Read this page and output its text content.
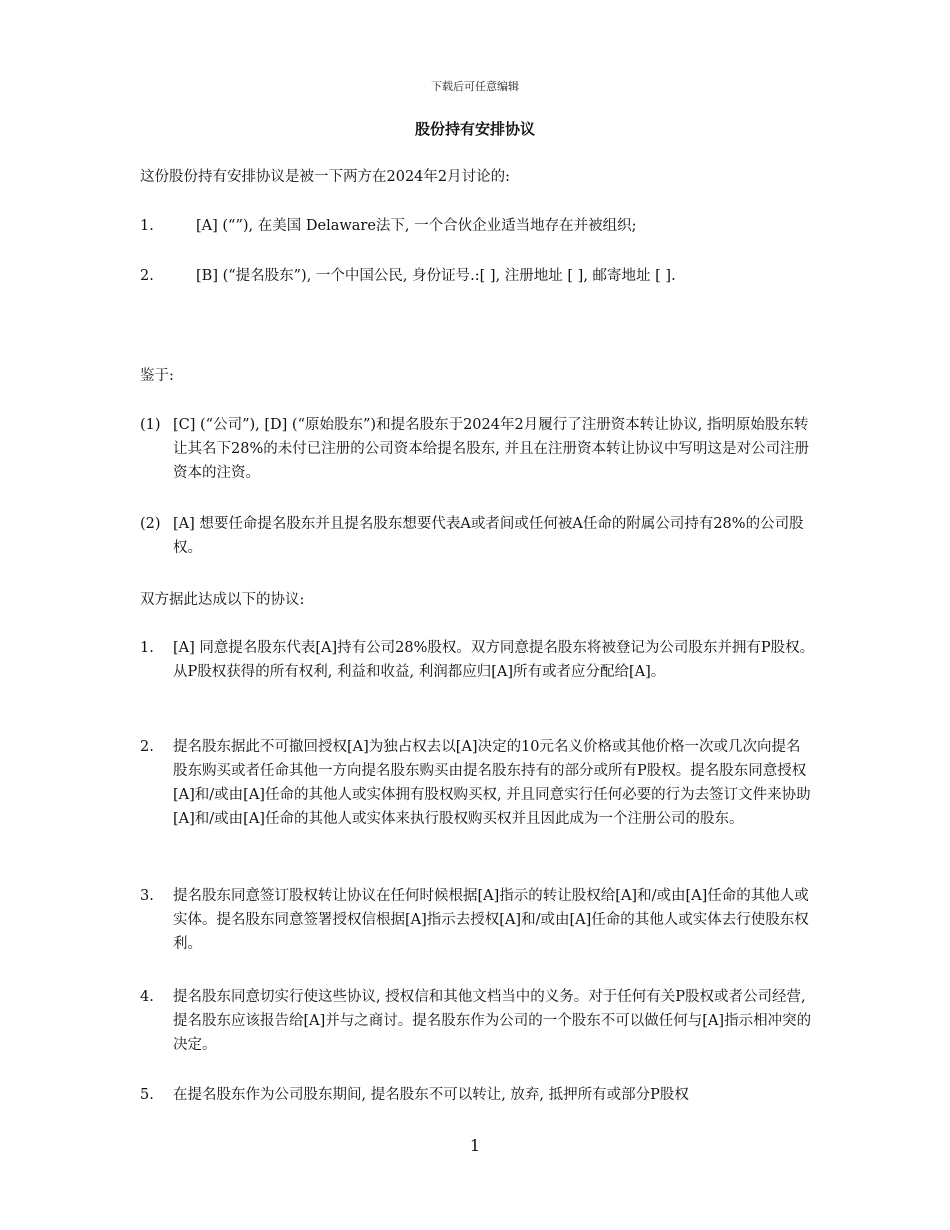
下载后可任意编辑
股份持有安排协议
这份股份持有安排协议是被一下两方在2024年2月讨论的:
1.	[A] (“”), 在美国 Delaware法下, 一个合伙企业适当地存在并被组织;
2.	[B] (“提名股东”), 一个中国公民, 身份证号.:[ ], 注册地址 [ ], 邮寄地址 [ ].
鉴于:
(1) [C] (“公司”), [D] (“原始股东”)和提名股东于2024年2月履行了注册资本转让协议, 指明原始股东转让其名下28%的未付已注册的公司资本给提名股东, 并且在注册资本转让协议中写明这是对公司注册资本的注资。
(2) [A] 想要任命提名股东并且提名股东想要代表A或者间或任何被A任命的附属公司持有28%的公司股权。
双方据此达成以下的协议:
1. [A] 同意提名股东代表[A]持有公司28%股权。双方同意提名股东将被登记为公司股东并拥有P股权。从P股权获得的所有权利, 利益和收益, 利润都应归[A]所有或者应分配给[A]。
2. 提名股东据此不可撤回授权[A]为独占权去以[A]决定的10元名义价格或其他价格一次或几次向提名股东购买或者任命其他一方向提名股东购买由提名股东持有的部分或所有P股权。提名股东同意授权[A]和/或由[A]任命的其他人或实体拥有股权购买权, 并且同意实行任何必要的行为去签订文件来协助[A]和/或由[A]任命的其他人或实体来执行股权购买权并且因此成为一个注册公司的股东。
3. 提名股东同意签订股权转让协议在任何时候根据[A]指示的转让股权给[A]和/或由[A]任命的其他人或实体。提名股东同意签署授权信根据[A]指示去授权[A]和/或由[A]任命的其他人或实体去行使股东权利。
4. 提名股东同意切实行使这些协议, 授权信和其他文档当中的义务。对于任何有关P股权或者公司经营, 提名股东应该报告给[A]并与之商讨。提名股东作为公司的一个股东不可以做任何与[A]指示相冲突的决定。
5. 在提名股东作为公司股东期间, 提名股东不可以转让, 放弃, 抵押所有或部分P股权
1
